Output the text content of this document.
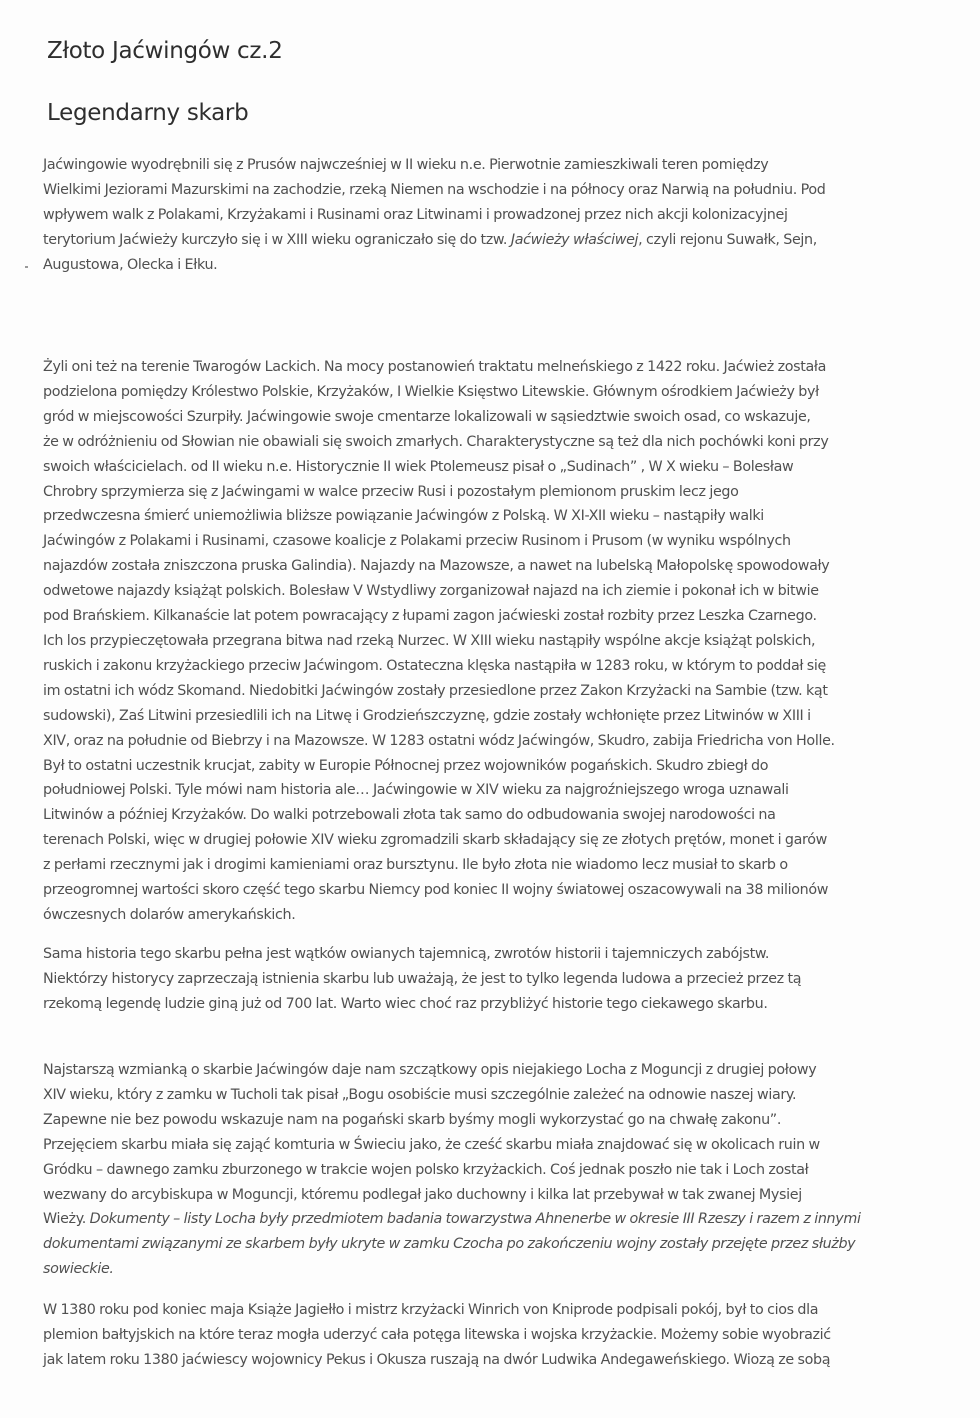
Złoto Jaćwingów cz.2
Legendarny skarb

Jaćwingowie wyodrębnili się z Prusów najwcześniej w II wieku n.e. Pierwotnie zamieszkiwali teren pomiędzy
Wielkimi Jeziorami Mazurskimi na zachodzie, rzeką Niemen na wschodzie i na północy oraz Narwią na południu. Pod
wpływem walk z Polakami, Krzyżakami i Rusinami oraz Litwinami i prowadzonej przez nich akcji kolonizacyjnej
terytorium Jaćwieży kurczyło się i w XIII wieku ograniczało się do tzw. Jaćwieży właściwej, czyli rejonu Suwałk, Sejn,
Augustowa, Olecka i Ełku.

Żyli oni też na terenie Twarogów Lackich. Na mocy postanowień traktatu melneńskiego z 1422 roku. Jaćwież została
podzielona pomiędzy Królestwo Polskie, Krzyżaków, I Wielkie Księstwo Litewskie. Głównym ośrodkiem Jaćwieży był
gród w miejscowości Szurpiły. Jaćwingowie swoje cmentarze lokalizowali w sąsiedztwie swoich osad, co wskazuje,
że w odróżnieniu od Słowian nie obawiali się swoich zmarłych. Charakterystyczne są też dla nich pochówki koni przy
swoich właścicielach. od II wieku n.e. Historycznie II wiek Ptolemeusz pisał o „Sudinach” , W X wieku – Bolesław
Chrobry sprzymierza się z Jaćwingami w walce przeciw Rusi i pozostałym plemionom pruskim lecz jego
przedwczesna śmierć uniemożliwia bliższe powiązanie Jaćwingów z Polską. W XI-XII wieku – nastąpiły walki
Jaćwingów z Polakami i Rusinami, czasowe koalicje z Polakami przeciw Rusinom i Prusom (w wyniku wspólnych
najazdów została zniszczona pruska Galindia). Najazdy na Mazowsze, a nawet na lubelską Małopolskę spowodowały
odwetowe najazdy książąt polskich. Bolesław V Wstydliwy zorganizował najazd na ich ziemie i pokonał ich w bitwie
pod Brańskiem. Kilkanaście lat potem powracający z łupami zagon jaćwieski został rozbity przez Leszka Czarnego.
Ich los przypieczętowała przegrana bitwa nad rzeką Nurzec. W XIII wieku nastąpiły wspólne akcje książąt polskich,
ruskich i zakonu krzyżackiego przeciw Jaćwingom. Ostateczna klęska nastąpiła w 1283 roku, w którym to poddał się
im ostatni ich wódz Skomand. Niedobitki Jaćwingów zostały przesiedlone przez Zakon Krzyżacki na Sambie (tzw. kąt
sudowski), Zaś Litwini przesiedlili ich na Litwę i Grodzieńszczyznę, gdzie zostały wchłonięte przez Litwinów w XIII i
XIV, oraz na południe od Biebrzy i na Mazowsze. W 1283 ostatni wódz Jaćwingów, Skudro, zabija Friedricha von Holle.
Był to ostatni uczestnik krucjat, zabity w Europie Północnej przez wojowników pogańskich. Skudro zbiegł do
południowej Polski. Tyle mówi nam historia ale… Jaćwingowie w XIV wieku za najgroźniejszego wroga uznawali
Litwinów a później Krzyżaków. Do walki potrzebowali złota tak samo do odbudowania swojej narodowości na
terenach Polski, więc w drugiej połowie XIV wieku zgromadzili skarb składający się ze złotych prętów, monet i garów
z perłami rzecznymi jak i drogimi kamieniami oraz bursztynu. Ile było złota nie wiadomo lecz musiał to skarb o
przeogromnej wartości skoro część tego skarbu Niemcy pod koniec II wojny światowej oszacowywali na 38 milionów
ówczesnych dolarów amerykańskich.

Sama historia tego skarbu pełna jest wątków owianych tajemnicą, zwrotów historii i tajemniczych zabójstw.
Niektórzy historycy zaprzeczają istnienia skarbu lub uważają, że jest to tylko legenda ludowa a przecież przez tą
rzekomą legendę ludzie giną już od 700 lat. Warto wiec choć raz przybliżyć historie tego ciekawego skarbu.

Najstarszą wzmianką o skarbie Jaćwingów daje nam szczątkowy opis niejakiego Locha z Moguncji z drugiej połowy
XIV wieku, który z zamku w Tucholi tak pisał „Bogu osobiście musi szczególnie zależeć na odnowie naszej wiary.
Zapewne nie bez powodu wskazuje nam na pogański skarb byśmy mogli wykorzystać go na chwałę zakonu”.
Przejęciem skarbu miała się zająć komturia w Świeciu jako, że cześć skarbu miała znajdować się w okolicach ruin w
Gródku – dawnego zamku zburzonego w trakcie wojen polsko krzyżackich. Coś jednak poszło nie tak i Loch został
wezwany do arcybiskupa w Moguncji, któremu podlegał jako duchowny i kilka lat przebywał w tak zwanej Mysiej
Wieży. Dokumenty – listy Locha były przedmiotem badania towarzystwa Ahnenerbe w okresie III Rzeszy i razem z innymi
dokumentami związanymi ze skarbem były ukryte w zamku Czocha po zakończeniu wojny zostały przejęte przez służby
sowieckie.

W 1380 roku pod koniec maja Książe Jagiełło i mistrz krzyżacki Winrich von Kniprode podpisali pokój, był to cios dla
plemion bałtyjskich na które teraz mogła uderzyć cała potęga litewska i wojska krzyżackie. Możemy sobie wyobrazić
jak latem roku 1380 jaćwiescy wojownicy Pekus i Okusza ruszają na dwór Ludwika Andegaweńskiego. Wiozą ze sobą
